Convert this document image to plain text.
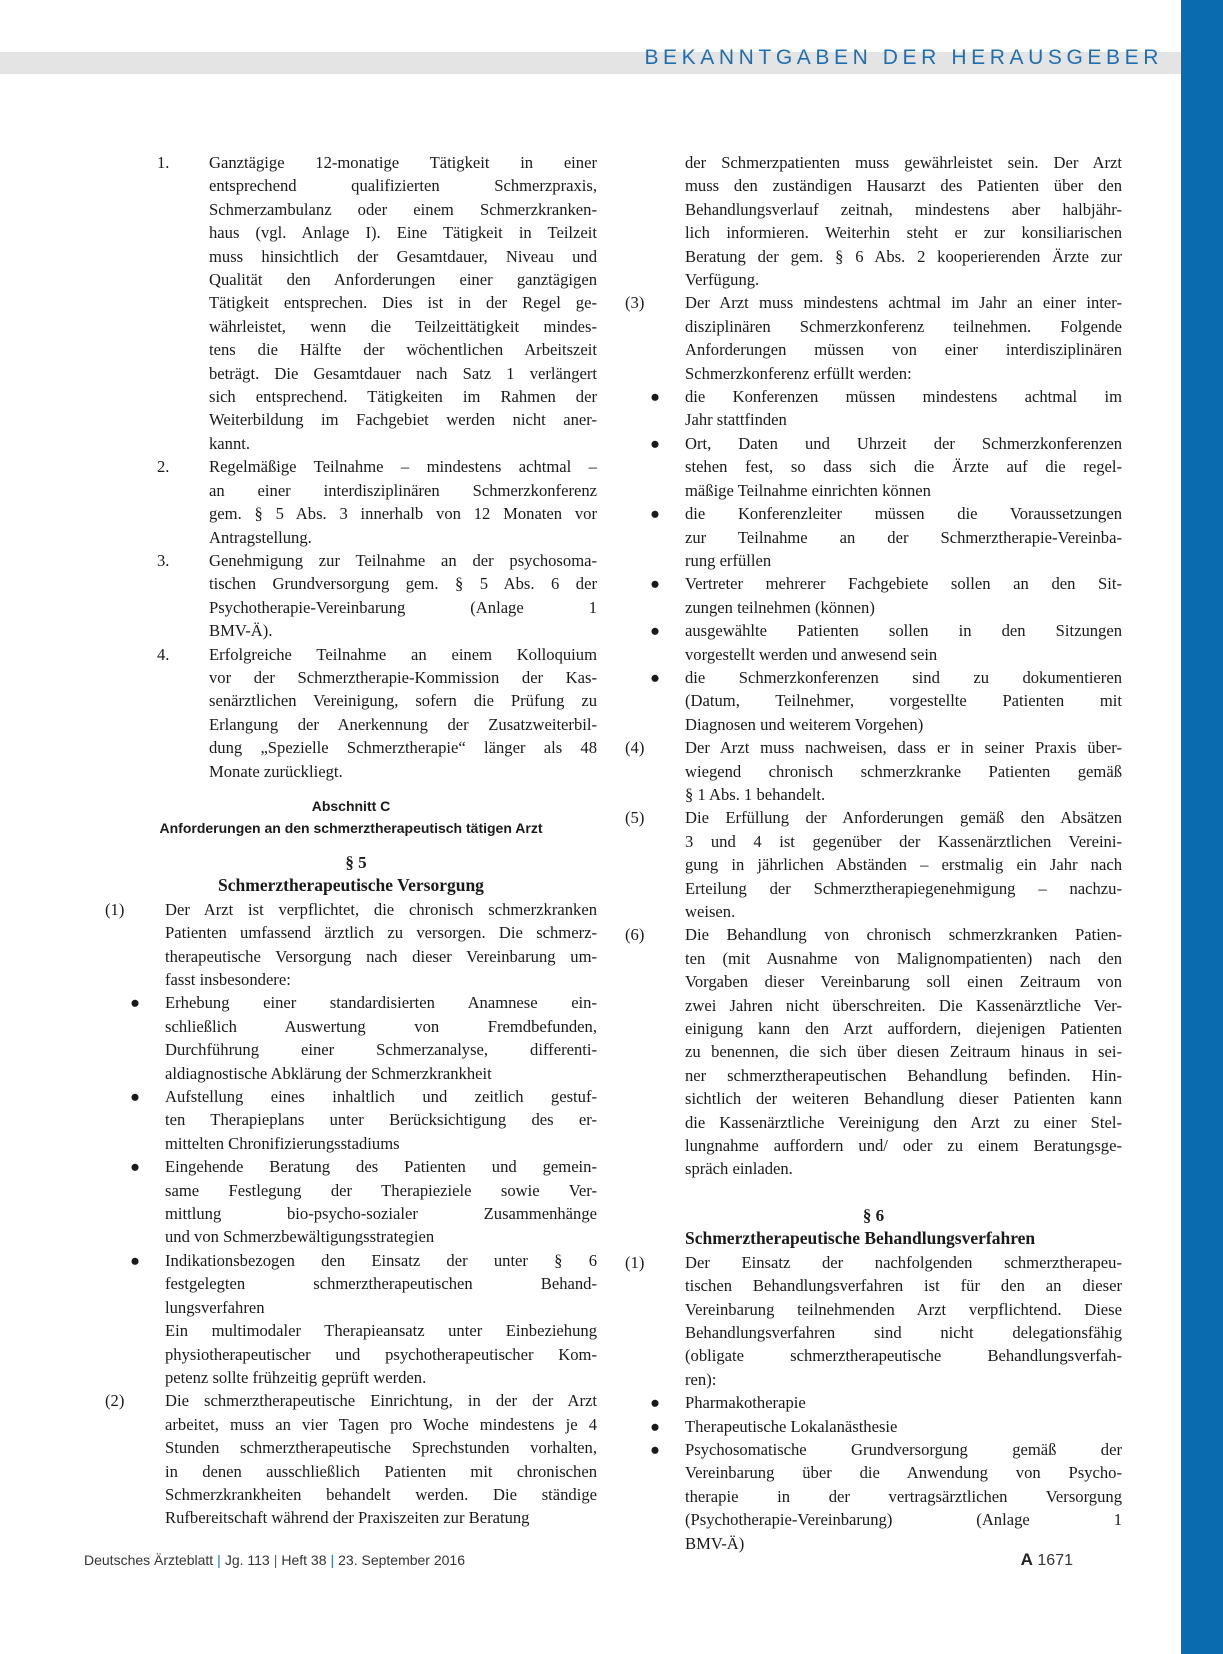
BEKANNTGABEN DER HERAUSGEBER
1.	Ganztägige 12-monatige Tätigkeit in einer
entsprechend qualifizierten Schmerzpraxis,
Schmerzambulanz oder einem Schmerzkranken-
haus (vgl. Anlage I). Eine Tätigkeit in Teilzeit
muss hinsichtlich der Gesamtdauer, Niveau und
Qualität den Anforderungen einer ganztägigen
Tätigkeit entsprechen. Dies ist in der Regel ge-
währleistet, wenn die Teilzeittätigkeit mindes-
tens die Hälfte der wöchentlichen Arbeitszeit
beträgt. Die Gesamtdauer nach Satz 1 verlängert
sich entsprechend. Tätigkeiten im Rahmen der
Weiterbildung im Fachgebiet werden nicht aner-
kannt.
2.	Regelmäßige Teilnahme – mindestens achtmal –
an einer interdisziplinären Schmerzkonferenz
gem. § 5 Abs. 3 innerhalb von 12 Monaten vor
Antragstellung.
3.	Genehmigung zur Teilnahme an der psychosoma-
tischen Grundversorgung gem. § 5 Abs. 6 der
Psychotherapie-Vereinbarung (Anlage 1
BMV-Ä).
4.	Erfolgreiche Teilnahme an einem Kolloquium
vor der Schmerztherapie-Kommission der Kas-
senärztlichen Vereinigung, sofern die Prüfung zu
Erlangung der Anerkennung der Zusatzweiterbil-
dung „Spezielle Schmerztherapie“ länger als 48
Monate zurückliegt.
Abschnitt C
Anforderungen an den schmerztherapeutisch tätigen Arzt
§ 5
Schmerztherapeutische Versorgung
(1)	Der Arzt ist verpflichtet, die chronisch schmerzkranken
Patienten umfassend ärztlich zu versorgen. Die schmerz-
therapeutische Versorgung nach dieser Vereinbarung um-
fasst insbesondere:
●	Erhebung einer standardisierten Anamnese ein-
schließlich Auswertung von Fremdbefunden,
Durchführung einer Schmerzanalyse, differenti-
aldiagnostische Abklärung der Schmerzkrankheit
●	Aufstellung eines inhaltlich und zeitlich gestuf-
ten Therapieplans unter Berücksichtigung des er-
mittelten Chronifizierungsstadiums
●	Eingehende Beratung des Patienten und gemein-
same Festlegung der Therapieziele sowie Ver-
mittlung bio-psycho-sozialer Zusammenhänge
und von Schmerzbewältigungsstrategien
●	Indikationsbezogen den Einsatz der unter § 6
festgelegten schmerztherapeutischen Behand-
lungsverfahren
Ein multimodaler Therapieansatz unter Einbeziehung
physiotherapeutischer und psychotherapeutischer Kom-
petenz sollte frühzeitig geprüft werden.
(2)	Die schmerztherapeutische Einrichtung, in der der Arzt
arbeitet, muss an vier Tagen pro Woche mindestens je 4
Stunden schmerztherapeutische Sprechstunden vorhalten,
in denen ausschließlich Patienten mit chronischen
Schmerzkrankheiten behandelt werden. Die ständige
Rufbereitschaft während der Praxiszeiten zur Beratung
der Schmerzpatienten muss gewährleistet sein. Der Arzt
muss den zuständigen Hausarzt des Patienten über den
Behandlungsverlauf zeitnah, mindestens aber halbjähr-
lich informieren. Weiterhin steht er zur konsiliarischen
Beratung der gem. § 6 Abs. 2 kooperierenden Ärzte zur
Verfügung.
(3)	Der Arzt muss mindestens achtmal im Jahr an einer inter-
disziplinären Schmerzkonferenz teilnehmen. Folgende
Anforderungen müssen von einer interdisziplinären
Schmerzkonferenz erfüllt werden:
●	die Konferenzen müssen mindestens achtmal im
Jahr stattfinden
●	Ort, Daten und Uhrzeit der Schmerzkonferenzen
stehen fest, so dass sich die Ärzte auf die regel-
mäßige Teilnahme einrichten können
●	die Konferenzleiter müssen die Voraussetzungen
zur Teilnahme an der Schmerztherapie-Vereinba-
rung erfüllen
●	Vertreter mehrerer Fachgebiete sollen an den Sit-
zungen teilnehmen (können)
●	ausgewählte Patienten sollen in den Sitzungen
vorgestellt werden und anwesend sein
●	die Schmerzkonferenzen sind zu dokumentieren
(Datum, Teilnehmer, vorgestellte Patienten mit
Diagnosen und weiterem Vorgehen)
(4)	Der Arzt muss nachweisen, dass er in seiner Praxis über-
wiegend chronisch schmerzkranke Patienten gemäß
§ 1 Abs. 1 behandelt.
(5)	Die Erfüllung der Anforderungen gemäß den Absätzen
3 und 4 ist gegenüber der Kassenärztlichen Vereini-
gung in jährlichen Abständen – erstmalig ein Jahr nach
Erteilung der Schmerztherapiegenehmigung – nachzu-
weisen.
(6)	Die Behandlung von chronisch schmerzkranken Patien-
ten (mit Ausnahme von Malignompatienten) nach den
Vorgaben dieser Vereinbarung soll einen Zeitraum von
zwei Jahren nicht überschreiten. Die Kassenärztliche Ver-
einigung kann den Arzt auffordern, diejenigen Patienten
zu benennen, die sich über diesen Zeitraum hinaus in sei-
ner schmerztherapeutischen Behandlung befinden. Hin-
sichtlich der weiteren Behandlung dieser Patienten kann
die Kassenärztliche Vereinigung den Arzt zu einer Stel-
lungnahme auffordern und/ oder zu einem Beratungsge-
spräch einladen.
§ 6
Schmerztherapeutische Behandlungsverfahren
(1)	Der Einsatz der nachfolgenden schmerztherapeu-
tischen Behandlungsverfahren ist für den an dieser
Vereinbarung teilnehmenden Arzt verpflichtend. Diese
Behandlungsverfahren sind nicht delegationsfähig
(obligate schmerztherapeutische Behandlungsverfah-
ren):
●	Pharmakotherapie
●	Therapeutische Lokalanästhesie
●	Psychosomatische Grundversorgung gemäß der
Vereinbarung über die Anwendung von Psycho-
therapie in der vertragsärztlichen Versorgung
(Psychotherapie-Vereinbarung) (Anlage 1
BMV-Ä)
Deutsches Ärzteblatt | Jg. 113 | Heft 38 | 23. September 2016	A 1671
